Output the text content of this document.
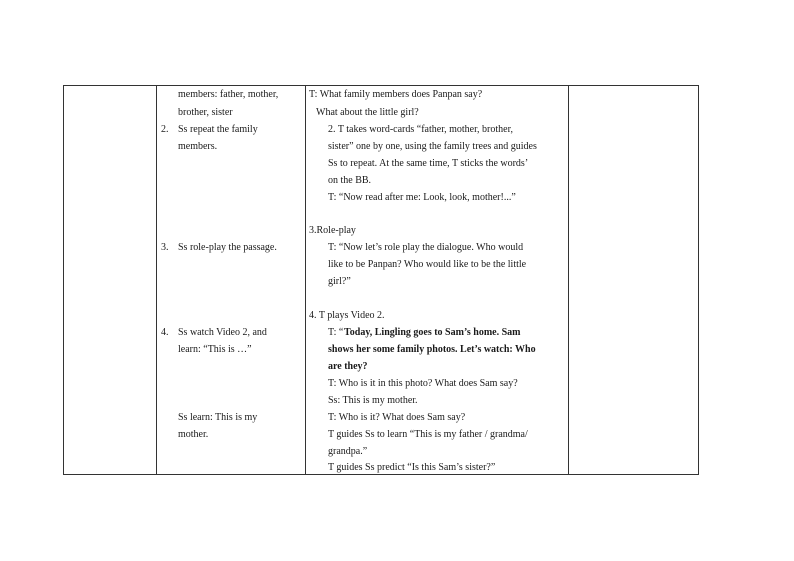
members: father, mother,
brother, sister
2. Ss repeat the family
members.
3. Ss role-play the passage.
4. Ss watch Video 2, and
learn: “This is …”
Ss learn: This is my
mother.
T: What family members does Panpan say?
What about the little girl?
2. T takes word-cards “father, mother, brother,
sister” one by one, using the family trees and guides
Ss to repeat. At the same time, T sticks the words’
on the BB.
T: “Now read after me: Look, look, mother!...”
3.Role-play
T: “Now let’s role play the dialogue. Who would
like to be Panpan? Who would like to be the little
girl?”
4. T plays Video 2.
T: “ Today, Lingling goes to Sam’s home. Sam
shows her some family photos. Let’s watch: Who
are they?
T: Who is it in this photo? What does Sam say?
Ss: This is my mother.
T: Who is it? What does Sam say?
T guides Ss to learn “This is my father / grandma/
grandpa.”
T guides Ss predict “Is this Sam’s sister?”
